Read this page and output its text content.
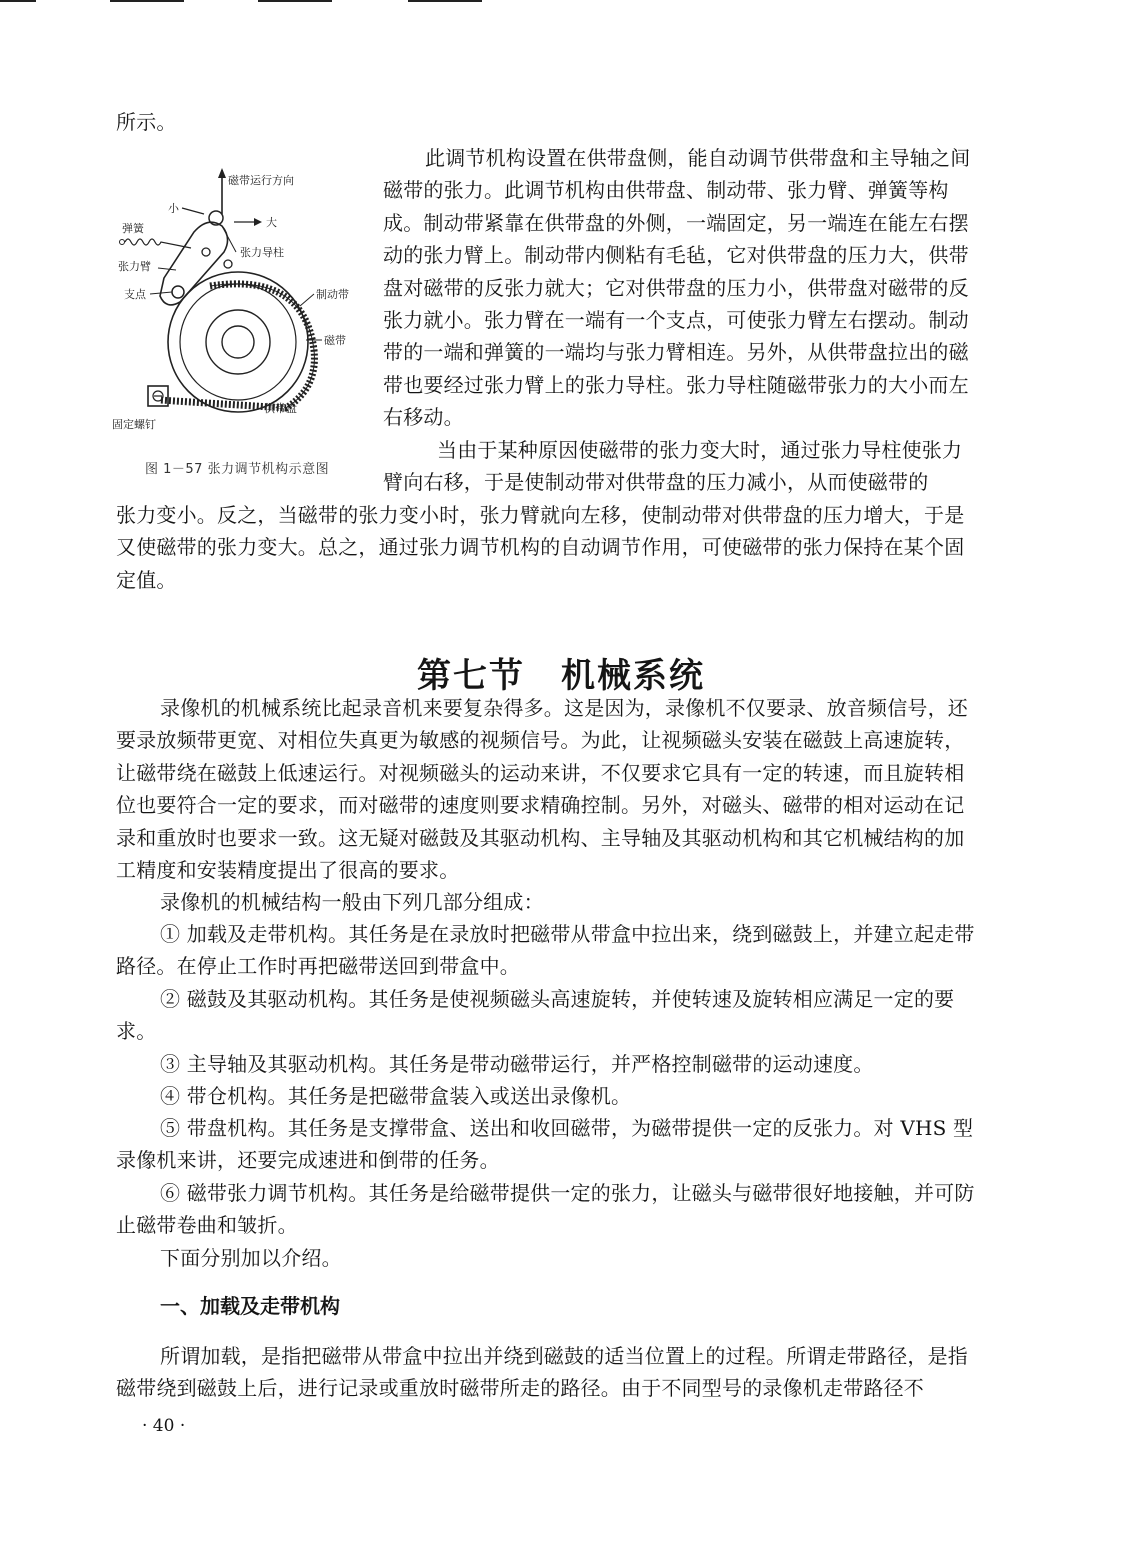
所示。

磁带运行方向
小
大
弹簧
张力导柱
张力臂
支点	制动带
磁带
供带盘
固定螺钉

图 1－57 张力调节机构示意图

此调节机构设置在供带盘侧，能自动调节供带盘和主导轴之间磁带的张力。此调节机构由供带盘、制动带、张力臂、弹簧等构成。制动带紧靠在供带盘的外侧，一端固定，另一端连在能左右摆动的张力臂上。制动带内侧粘有毛毡，它对供带盘的压力大，供带盘对磁带的反张力就大；它对供带盘的压力小，供带盘对磁带的反张力就小。张力臂在一端有一个支点，可使张力臂左右摆动。制动带的一端和弹簧的一端均与张力臂相连。另外，从供带盘拉出的磁带也要经过张力臂上的张力导柱。张力导柱随磁带张力的大小而左右移动。

当由于某种原因使磁带的张力变大时，通过张力导柱使张力臂向右移，于是使制动带对供带盘的压力减小，从而使磁带的

张力变小。反之，当磁带的张力变小时，张力臂就向左移，使制动带对供带盘的压力增大，于是又使磁带的张力变大。总之，通过张力调节机构的自动调节作用，可使磁带的张力保持在某个固定值。

第七节 机械系统

录像机的机械系统比起录音机来要复杂得多。这是因为，录像机不仅要录、放音频信号，还要录放频带更宽、对相位失真更为敏感的视频信号。为此，让视频磁头安装在磁鼓上高速旋转，让磁带绕在磁鼓上低速运行。对视频磁头的运动来讲，不仅要求它具有一定的转速，而且旋转相位也要符合一定的要求，而对磁带的速度则要求精确控制。另外，对磁头、磁带的相对运动在记录和重放时也要求一致。这无疑对磁鼓及其驱动机构、主导轴及其驱动机构和其它机械结构的加工精度和安装精度提出了很高的要求。

录像机的机械结构一般由下列几部分组成：

① 加载及走带机构。其任务是在录放时把磁带从带盒中拉出来，绕到磁鼓上，并建立起走带路径。在停止工作时再把磁带送回到带盒中。

② 磁鼓及其驱动机构。其任务是使视频磁头高速旋转，并使转速及旋转相应满足一定的要求。

③ 主导轴及其驱动机构。其任务是带动磁带运行，并严格控制磁带的运动速度。

④ 带仓机构。其任务是把磁带盒装入或送出录像机。

⑤ 带盘机构。其任务是支撑带盒、送出和收回磁带，为磁带提供一定的反张力。对 VHS 型录像机来讲，还要完成速进和倒带的任务。

⑥ 磁带张力调节机构。其任务是给磁带提供一定的张力，让磁头与磁带很好地接触，并可防止磁带卷曲和皱折。

下面分别加以介绍。

一、加载及走带机构

所谓加载，是指把磁带从带盒中拉出并绕到磁鼓的适当位置上的过程。所谓走带路径，是指磁带绕到磁鼓上后，进行记录或重放时磁带所走的路径。由于不同型号的录像机走带路径不

· 40 ·
